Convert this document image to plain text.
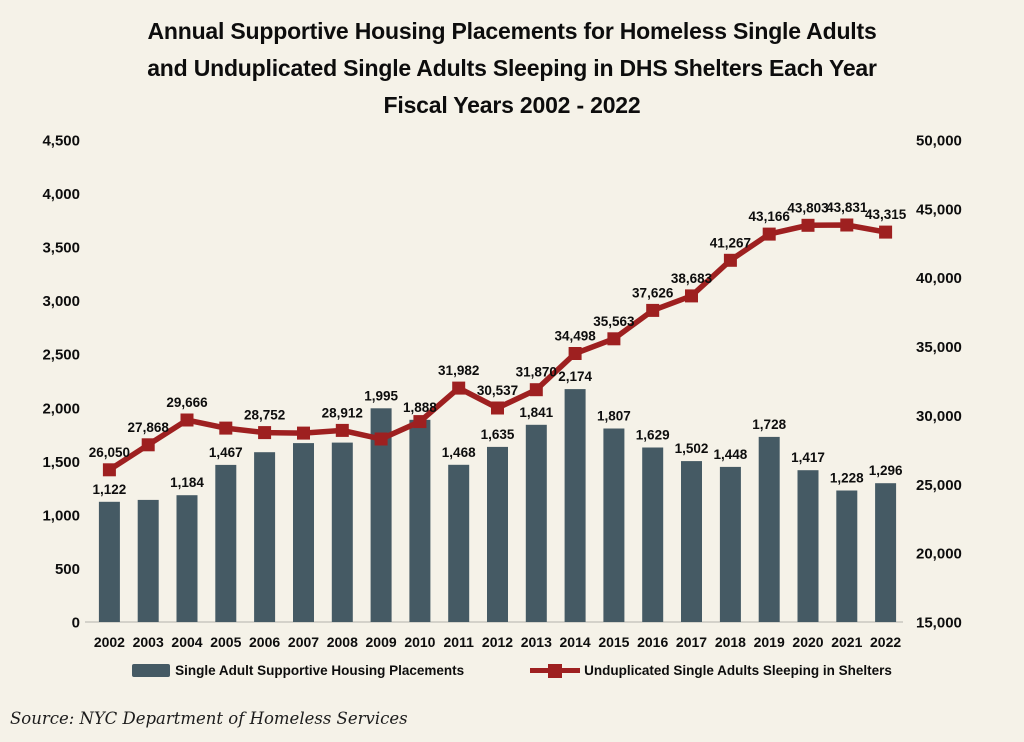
Annual Supportive Housing Placements for Homeless Single Adults
and Unduplicated Single Adults Sleeping in DHS Shelters Each Year
Fiscal Years 2002 - 2022
0
500
1,000
1,500
2,000
2,500
3,000
3,500
4,000
4,500
15,000
20,000
25,000
30,000
35,000
40,000
45,000
50,000
1,122	1,184
1,467
1,995
1,888
1,468
1,635
1,841
2,174
1,807
1,629
1,502 1,448
1,728
1,417
1,228 1,296
26,050
27,868
29,666
28,752	28,912
31,982
30,537
31,870
34,498
35,563
37,626
38,683
41,267
43,166
43,803
43,831
43,315
2002 2003 2004 2005 2006 2007 2008 2009 2010 2011 2012 2013 2014 2015 2016 2017 2018 2019 2020 2021 2022
Single Adult Supportive Housing Placements	Unduplicated Single Adults Sleeping in Shelters
Source: NYC Department of Homeless Services
